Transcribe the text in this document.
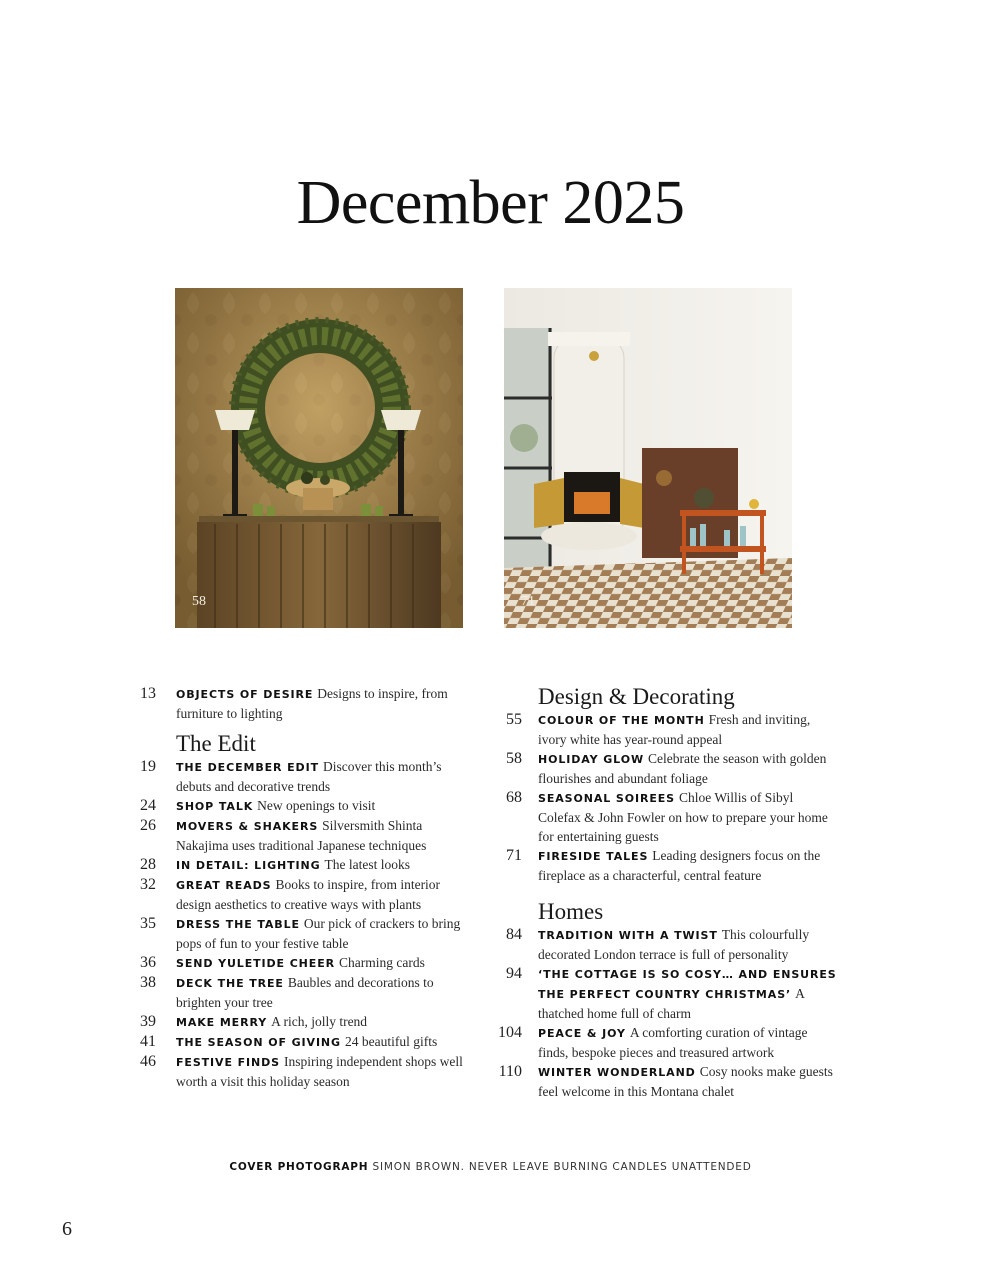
December 2025
58	71
13 OBJECTS OF DESIRE Designs to inspire, from furniture to lighting
The Edit
19 THE DECEMBER EDIT Discover this month’s debuts and decorative trends
24 SHOP TALK New openings to visit
26 MOVERS & SHAKERS Silversmith Shinta Nakajima uses traditional Japanese techniques
28 IN DETAIL: LIGHTING The latest looks
32 GREAT READS Books to inspire, from interior design aesthetics to creative ways with plants
35 DRESS THE TABLE Our pick of crackers to bring pops of fun to your festive table
36 SEND YULETIDE CHEER Charming cards
38 DECK THE TREE Baubles and decorations to brighten your tree
39 MAKE MERRY A rich, jolly trend
41 THE SEASON OF GIVING 24 beautiful gifts
46 FESTIVE FINDS Inspiring independent shops well worth a visit this holiday season
Design & Decorating
55 COLOUR OF THE MONTH Fresh and inviting, ivory white has year-round appeal
58 HOLIDAY GLOW Celebrate the season with golden flourishes and abundant foliage
68 SEASONAL SOIREES Chloe Willis of Sibyl Colefax & John Fowler on how to prepare your home for entertaining guests
71 FIRESIDE TALES Leading designers focus on the fireplace as a characterful, central feature
Homes
84 TRADITION WITH A TWIST This colourfully decorated London terrace is full of personality
94 ‘THE COTTAGE IS SO COSY… AND ENSURES THE PERFECT COUNTRY CHRISTMAS’ A thatched home full of charm
104 PEACE & JOY A comforting curation of vintage finds, bespoke pieces and treasured artwork
110 WINTER WONDERLAND Cosy nooks make guests feel welcome in this Montana chalet
COVER PHOTOGRAPH SIMON BROWN. NEVER LEAVE BURNING CANDLES UNATTENDED
6
